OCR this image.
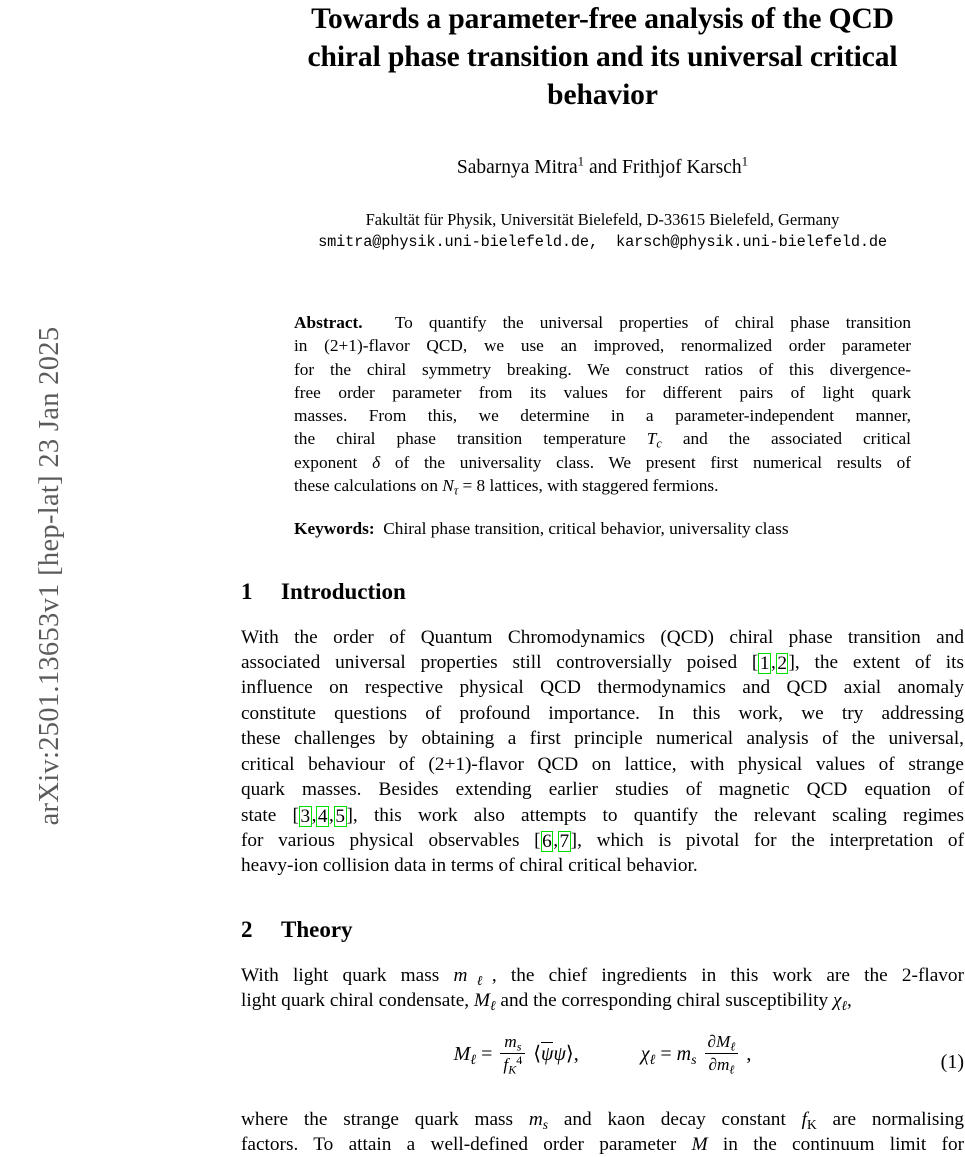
arXiv:2501.13653v1 [hep-lat] 23 Jan 2025
Towards a parameter-free analysis of the QCD
chiral phase transition and its universal critical
behavior
Sabarnya Mitra$^1$ and Frithjof Karsch$^1$
Fakultät für Physik, Universität Bielefeld, D-33615 Bielefeld, Germany
smitra@physik.uni-bielefeld.de, karsch@physik.uni-bielefeld.de
Abstract. To quantify the universal properties of chiral phase transition
in (2+1)-flavor QCD, we use an improved, renormalized order parameter
for the chiral symmetry breaking. We construct ratios of this divergence-
free order parameter from its values for different pairs of light quark
masses. From this, we determine in a parameter-independent manner,
the chiral phase transition temperature $T_c$ and the associated critical
exponent δ of the universality class. We present first numerical results of
these calculations on $N_\tau = 8$ lattices, with staggered fermions.
Keywords: Chiral phase transition, critical behavior, universality class
1 Introduction
With the order of Quantum Chromodynamics (QCD) chiral phase transition and
associated universal properties still controversially poised [1,2], the extent of its
influence on respective physical QCD thermodynamics and QCD axial anomaly
constitute questions of profound importance. In this work, we try addressing
these challenges by obtaining a first principle numerical analysis of the universal,
critical behaviour of (2+1)-flavor QCD on lattice, with physical values of strange
quark masses. Besides extending earlier studies of magnetic QCD equation of
state [3,4,5], this work also attempts to quantify the relevant scaling regimes
for various physical observables [6,7], which is pivotal for the interpretation of
heavy-ion collision data in terms of chiral critical behavior.
2 Theory
With light quark mass $m_\ell$, the chief ingredients in this work are the 2-flavor
light quark chiral condensate, $M_\ell$ and the corresponding chiral susceptibility $\chi_\ell$,
$M_\ell = \frac{m_s}{f_K^4}$ ⟨ψψ⟩,	$\chi_\ell = m_s \frac{\partial M_\ell}{\partial m_\ell}$ ,	(1)
where the strange quark mass $m_s$ and kaon decay constant $f_K$ are normalising
factors. To attain a well-defined order parameter M in the continuum limit for
